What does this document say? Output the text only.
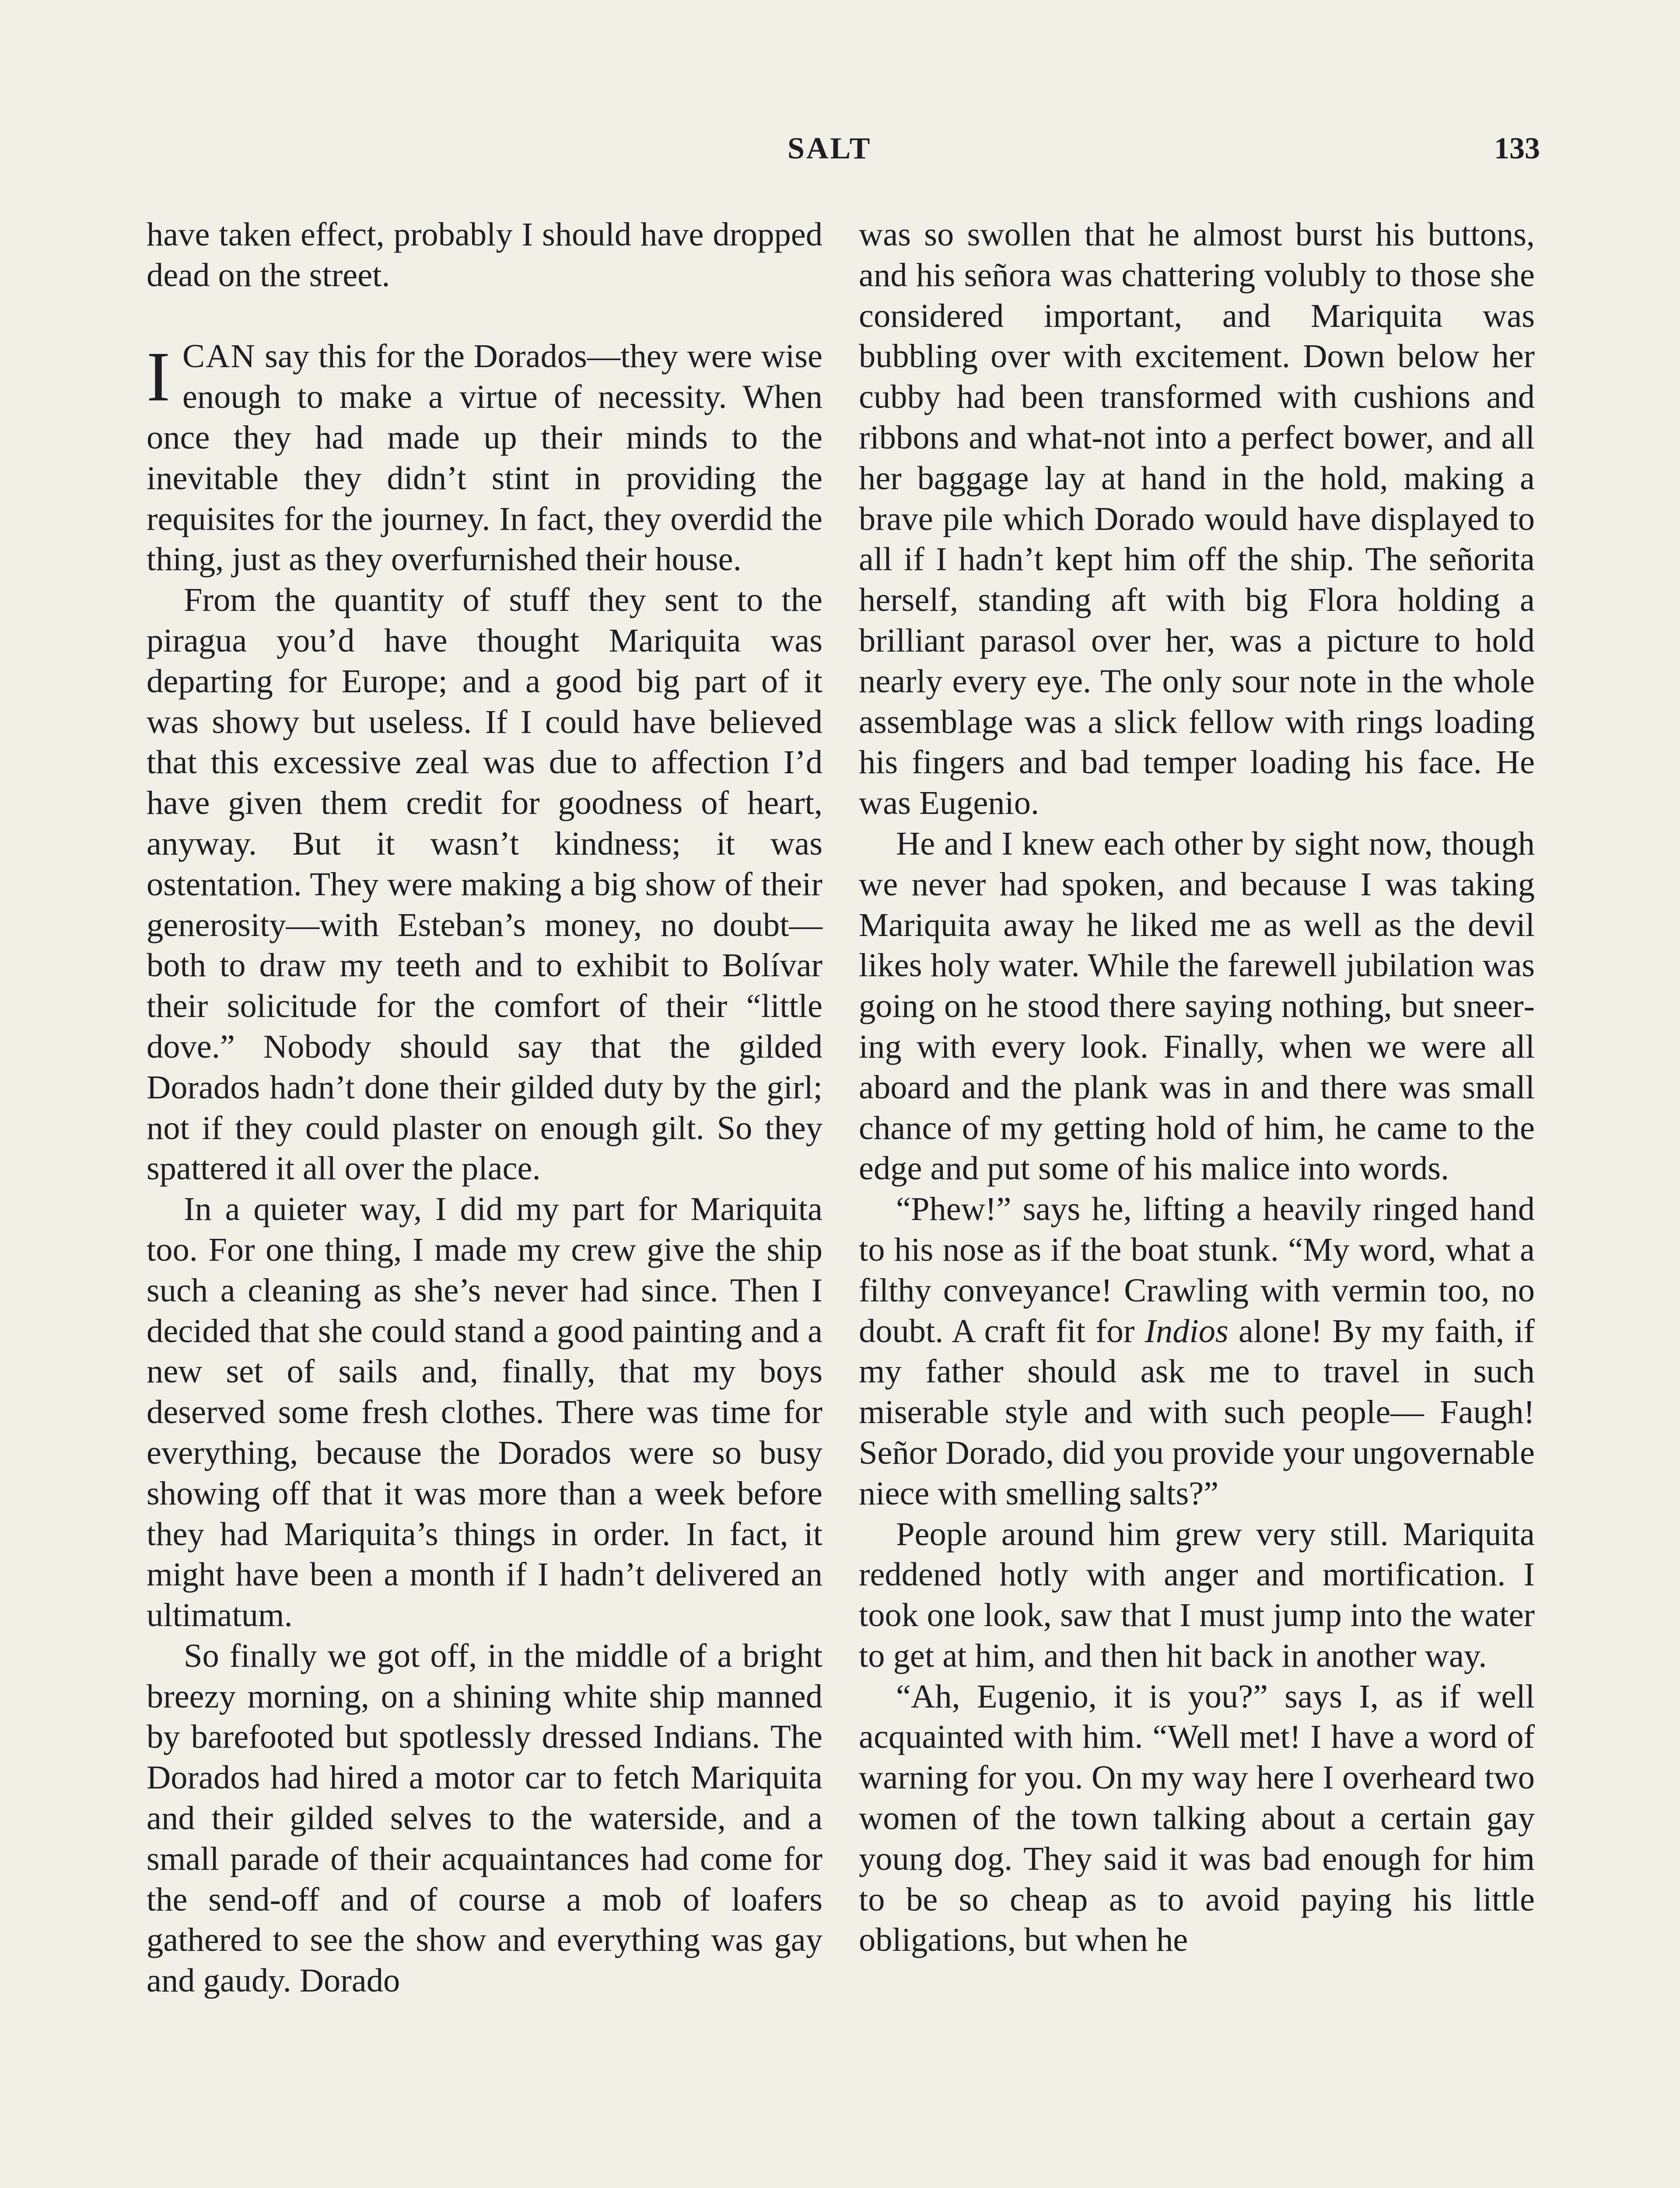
SALT	133

have taken effect, probably I should have dropped dead on the street.

ICAN say this for the Dorados—they were wise enough to make a virtue of necessity. When once they had made up their minds to the inevitable they didn’t stint in providing the requisites for the journey. In fact, they overdid the thing, just as they overfurnished their house.

From the quantity of stuff they sent to the piragua you’d have thought Mariquita was departing for Europe; and a good big part of it was showy but useless. If I could have believed that this excessive zeal was due to affection I’d have given them credit for goodness of heart, anyway. But it wasn’t kindness; it was ostentation. They were making a big show of their generosity—with Esteban’s money, no doubt—both to draw my teeth and to exhibit to Bolívar their solicitude for the comfort of their “little dove.” Nobody should say that the gilded Dorados hadn’t done their gilded duty by the girl; not if they could plaster on enough gilt. So they spattered it all over the place.

In a quieter way, I did my part for Mariquita too. For one thing, I made my crew give the ship such a cleaning as she’s never had since. Then I decided that she could stand a good painting and a new set of sails and, finally, that my boys deserved some fresh clothes. There was time for everything, because the Dorados were so busy showing off that it was more than a week before they had Mariquita’s things in order. In fact, it might have been a month if I hadn’t delivered an ultimatum.

So finally we got off, in the middle of a bright breezy morning, on a shining white ship manned by barefooted but spotlessly dressed Indians. The Dorados had hired a motor car to fetch Mariquita and their gilded selves to the waterside, and a small parade of their acquaintances had come for the send-off and of course a mob of loafers gathered to see the show and everything was gay and gaudy. Dorado

was so swollen that he almost burst his buttons, and his señora was chattering volubly to those she considered important, and Mariquita was bubbling over with excitement. Down below her cubby had been transformed with cushions and ribbons and what-not into a perfect bower, and all her baggage lay at hand in the hold, making a brave pile which Dorado would have displayed to all if I hadn’t kept him off the ship. The señorita herself, standing aft with big Flora holding a brilliant parasol over her, was a picture to hold nearly every eye. The only sour note in the whole assemblage was a slick fellow with rings loading his fingers and bad temper loading his face. He was Eugenio.

He and I knew each other by sight now, though we never had spoken, and because I was taking Mariquita away he liked me as well as the devil likes holy water. While the farewell jubilation was going on he stood there saying nothing, but sneering with every look. Finally, when we were all aboard and the plank was in and there was small chance of my getting hold of him, he came to the edge and put some of his malice into words.

“Phew!” says he, lifting a heavily ringed hand to his nose as if the boat stunk. “My word, what a filthy conveyance! Crawling with vermin too, no doubt. A craft fit for Indios alone! By my faith, if my father should ask me to travel in such miserable style and with such people— Faugh! Señor Dorado, did you provide your ungovernable niece with smelling salts?”

People around him grew very still. Mariquita reddened hotly with anger and mortification. I took one look, saw that I must jump into the water to get at him, and then hit back in another way.

“Ah, Eugenio, it is you?” says I, as if well acquainted with him. “Well met! I have a word of warning for you. On my way here I overheard two women of the town talking about a certain gay young dog. They said it was bad enough for him to be so cheap as to avoid paying his little obligations, but when he
